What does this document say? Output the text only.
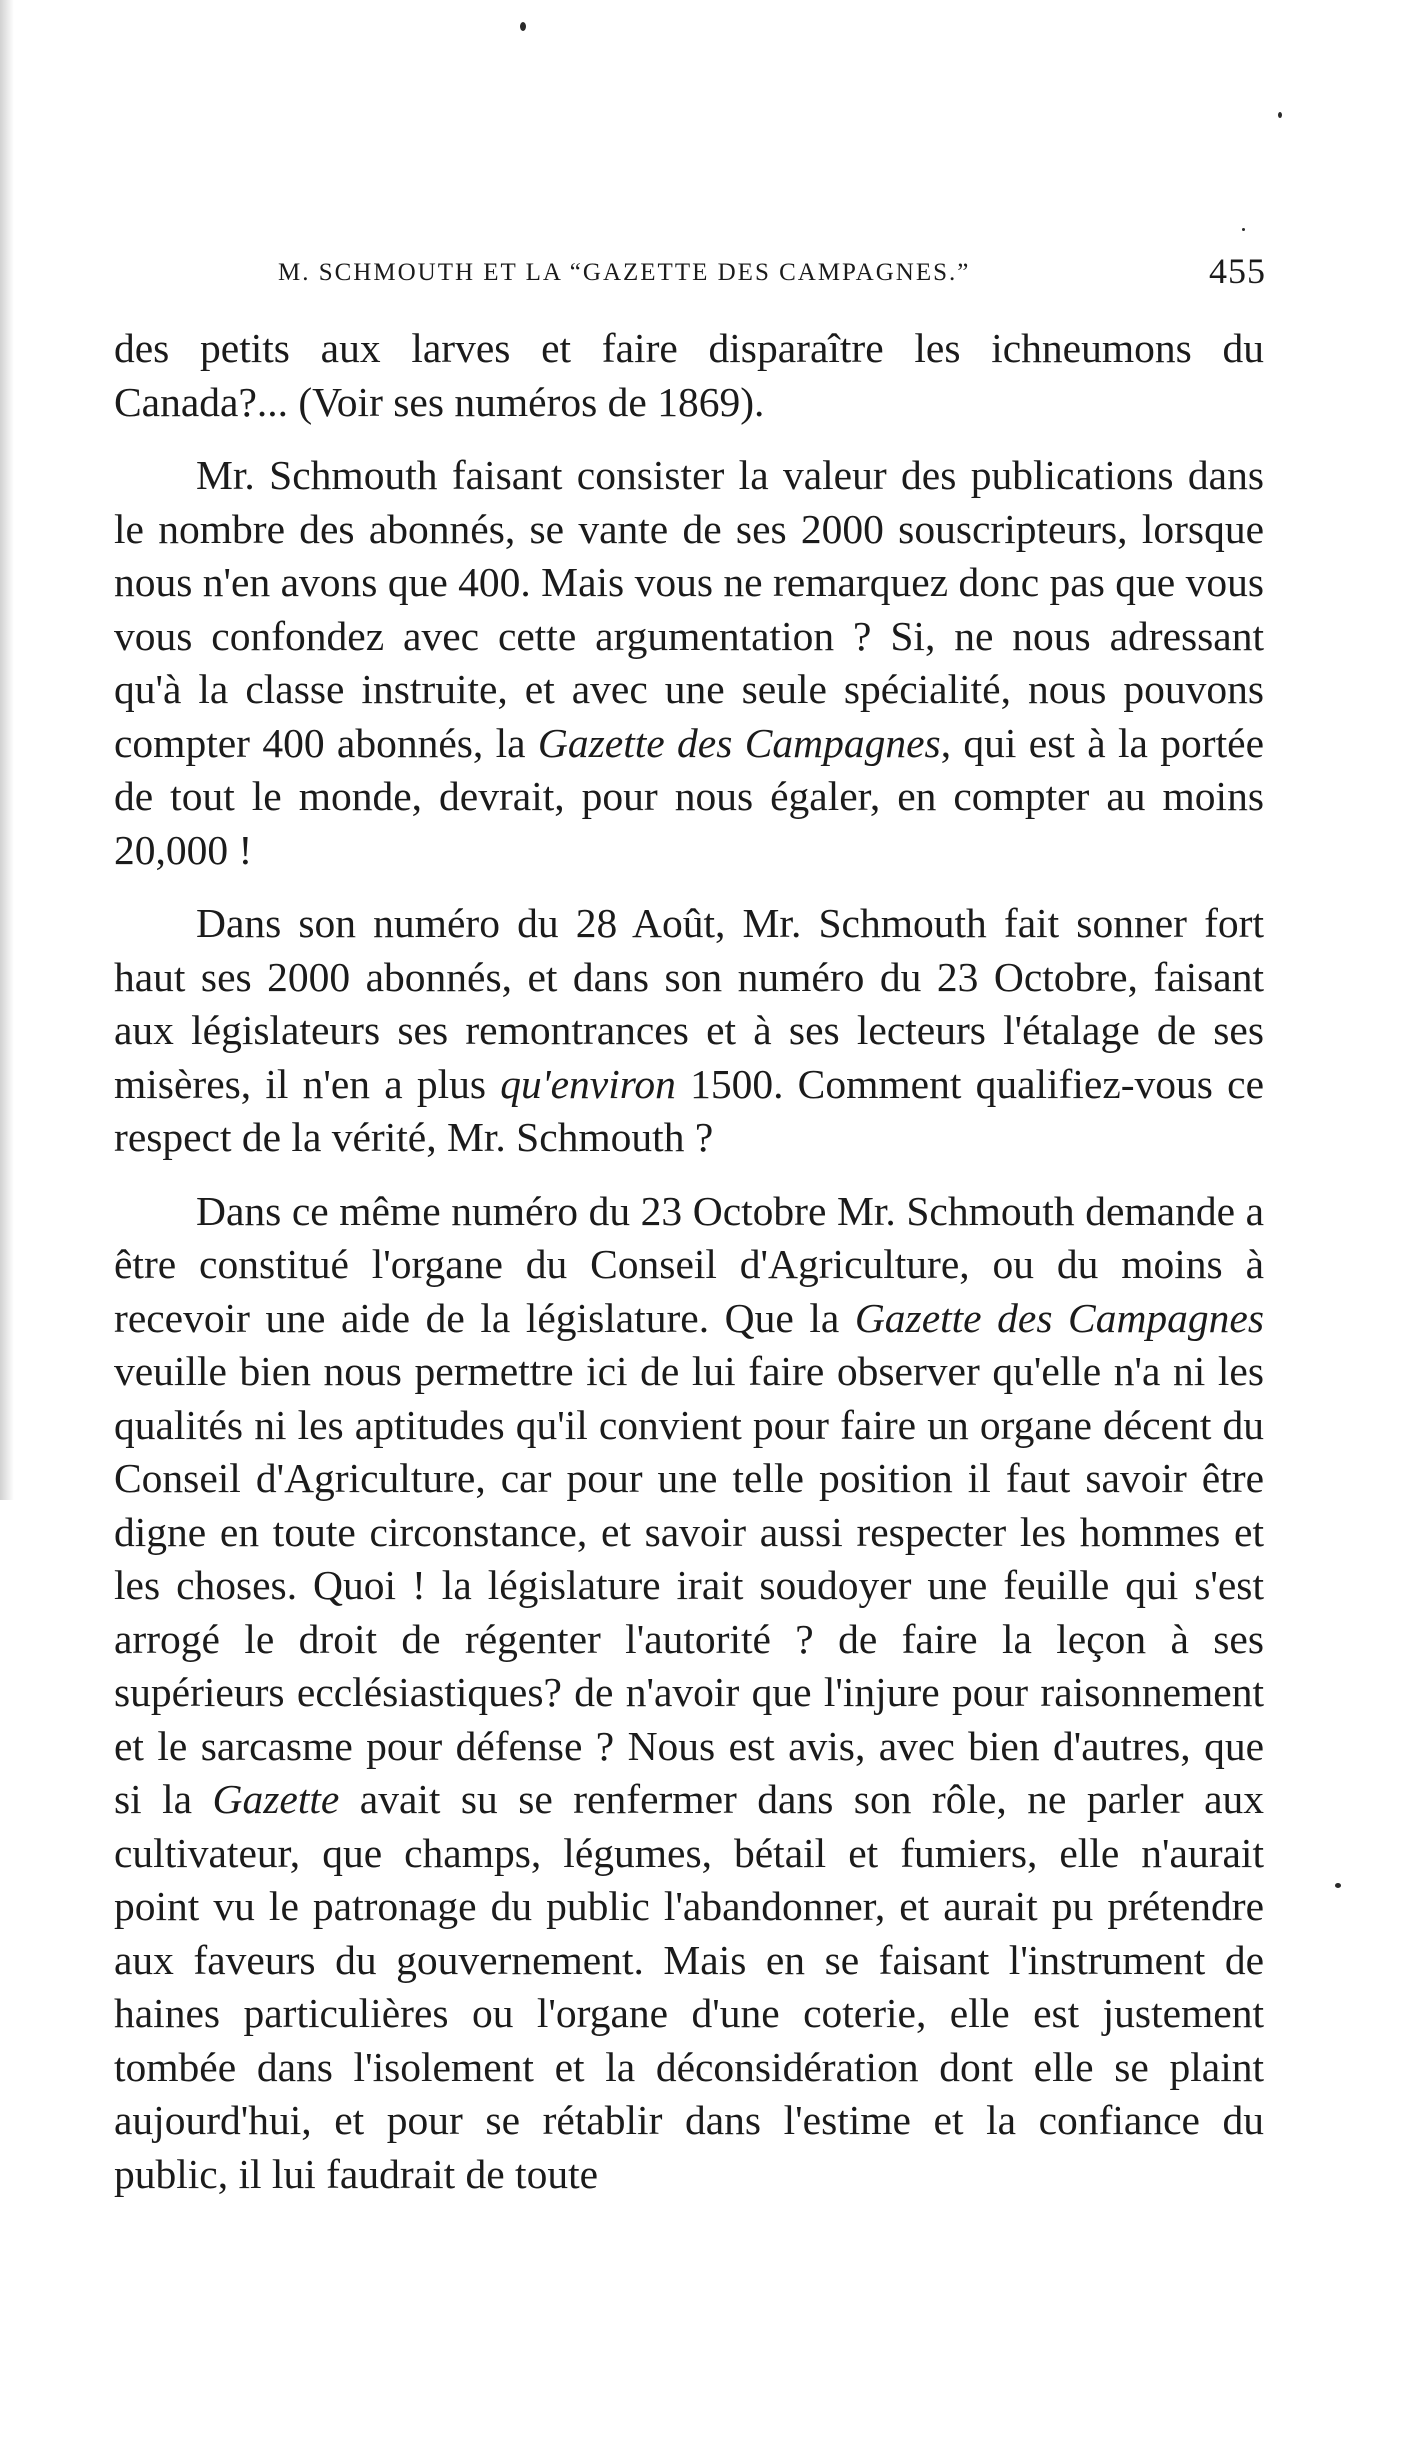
M. SCHMOUTH ET LA “GAZETTE DES CAMPAGNES.”	455

des petits aux larves et faire disparaître les ichneumons du Canada?... (Voir ses numéros de 1869).

Mr. Schmouth faisant consister la valeur des publications dans le nombre des abonnés, se vante de ses 2000 souscripteurs, lorsque nous n'en avons que 400. Mais vous ne remarquez donc pas que vous vous confondez avec cette argumentation ? Si, ne nous adressant qu'à la classe instruite, et avec une seule spécialité, nous pouvons compter 400 abonnés, la Gazette des Campagnes, qui est à la portée de tout le monde, devrait, pour nous égaler, en compter au moins 20,000 !

Dans son numéro du 28 Août, Mr. Schmouth fait sonner fort haut ses 2000 abonnés, et dans son numéro du 23 Octobre, faisant aux législateurs ses remontrances et à ses lecteurs l'étalage de ses misères, il n'en a plus qu'environ 1500. Comment qualifiez-vous ce respect de la vérité, Mr. Schmouth ?

Dans ce même numéro du 23 Octobre Mr. Schmouth demande a être constitué l'organe du Conseil d'Agriculture, ou du moins à recevoir une aide de la législature. Que la Gazette des Campagnes veuille bien nous permettre ici de lui faire observer qu'elle n'a ni les qualités ni les aptitudes qu'il convient pour faire un organe décent du Conseil d'Agriculture, car pour une telle position il faut savoir être digne en toute circonstance, et savoir aussi respecter les hommes et les choses. Quoi ! la législature irait soudoyer une feuille qui s'est arrogé le droit de régenter l'autorité ? de faire la leçon à ses supérieurs ecclésiastiques? de n'avoir que l'injure pour raisonnement et le sarcasme pour défense ? Nous est avis, avec bien d'autres, que si la Gazette avait su se renfermer dans son rôle, ne parler aux cultivateur, que champs, légumes, bétail et fumiers, elle n'aurait point vu le patronage du public l'abandonner, et aurait pu prétendre aux faveurs du gouvernement. Mais en se faisant l'instrument de haines particulières ou l'organe d'une coterie, elle est justement tombée dans l'isolement et la déconsidération dont elle se plaint aujourd'hui, et pour se rétablir dans l'estime et la confiance du public, il lui faudrait de toute
